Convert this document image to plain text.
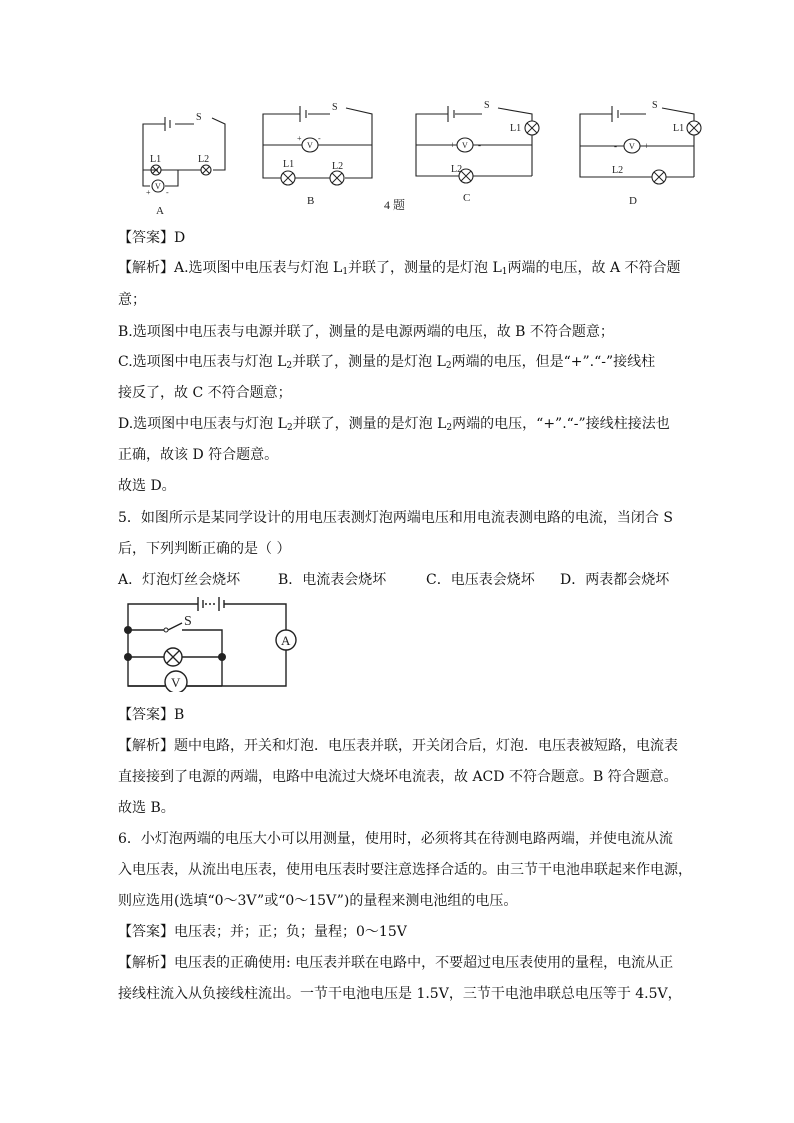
S
L1	L2
V
+ -
A
S
+
V
-
L1	L2
B	4 题
S
L1
+ V -
L2
C
S
L1
- V +
L2
D
【答案】D
【解析】A.选项图中电压表与灯泡 $L_1$并联了，测量的是灯泡 $L_1$两端的电压，故 A 不符合题
意；
B.选项图中电压表与电源并联了，测量的是电源两端的电压，故 B 不符合题意；
C.选项图中电压表与灯泡 $L_2$并联了，测量的是灯泡 $L_2$两端的电压，但是“+”.“-”接线柱
接反了，故 C 不符合题意；
D.选项图中电压表与灯泡 $L_2$并联了，测量的是灯泡 $L_2$两端的电压，“+”.“-”接线柱接法也
正确，故该 D 符合题意。
故选 D。
5．如图所示是某同学设计的用电压表测灯泡两端电压和用电流表测电路的电流，当闭合 S
后，下列判断正确的是（ ）
A．灯泡灯丝会烧坏	B．电流表会烧坏	C．电压表会烧坏 D．两表都会烧坏
S
A
V
【答案】B
【解析】题中电路，开关和灯泡．电压表并联，开关闭合后，灯泡．电压表被短路，电流表
直接接到了电源的两端，电路中电流过大烧坏电流表，故 ACD 不符合题意。B 符合题意。
故选 B。
6．小灯泡两端的电压大小可以用测量，使用时，必须将其在待测电路两端，并使电流从流
入电压表，从流出电压表，使用电压表时要注意选择合适的。由三节干电池串联起来作电源，
则应选用(选填“0～3V”或“0～15V”)的量程来测电池组的电压。
【答案】电压表；并；正；负；量程；0～15V
【解析】电压表的正确使用: 电压表并联在电路中，不要超过电压表使用的量程，电流从正
接线柱流入从负接线柱流出。一节干电池电压是 1.5V，三节干电池串联总电压等于 4.5V，
